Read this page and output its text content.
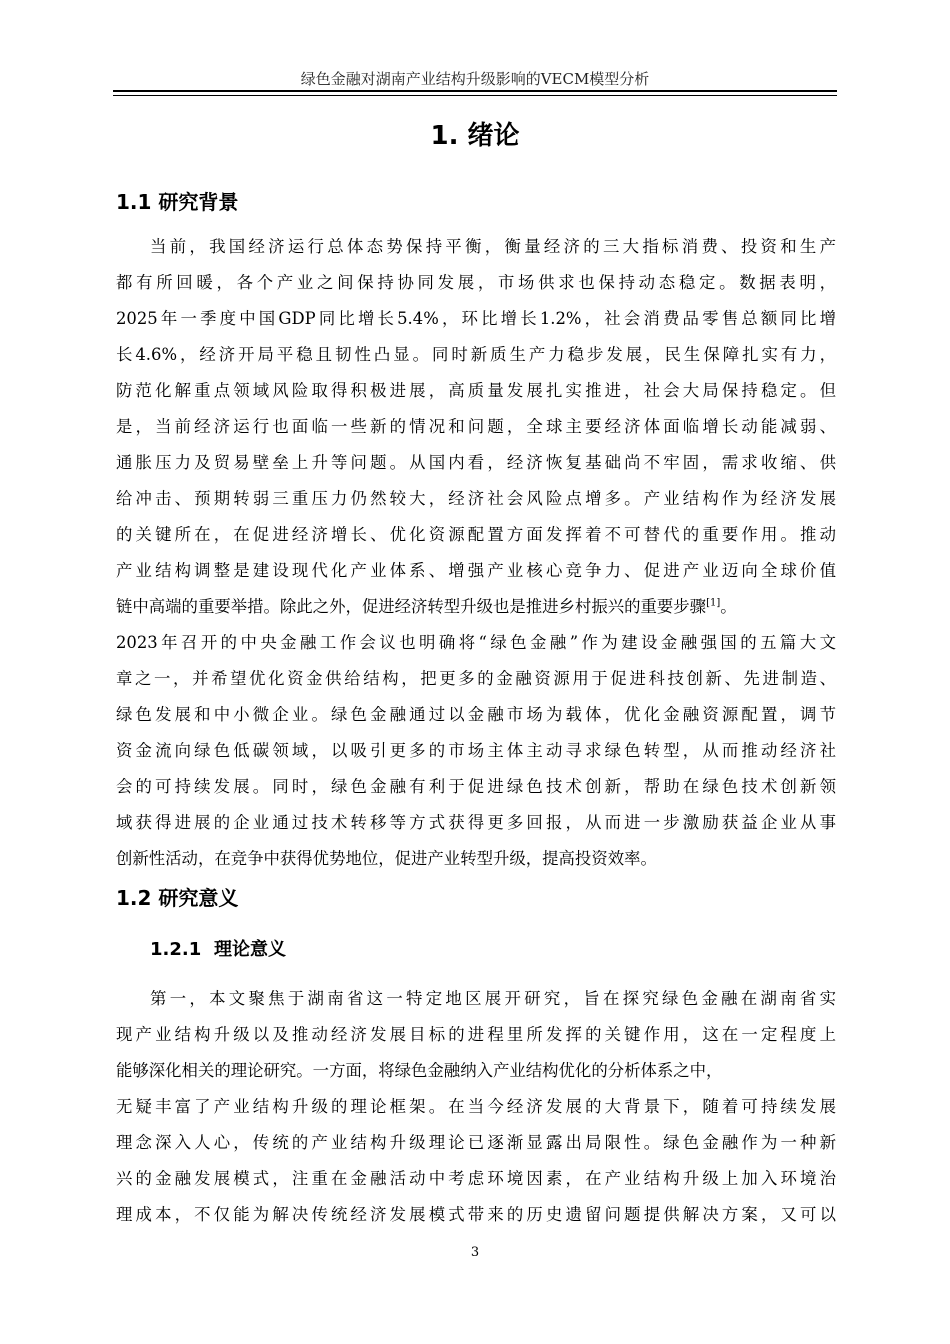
绿色金融对湖南产业结构升级影响的VECM模型分析
1. 绪论
1.1 研究背景
当前，我国经济运行总体态势保持平衡，衡量经济的三大指标消费、投资和生产
都有所回暖，各个产业之间保持协同发展，市场供求也保持动态稳定。数据表明，
2025年一季度中国GDP同比增长5.4%，环比增长1.2%，社会消费品零售总额同比增
长4.6%，经济开局平稳且韧性凸显。同时新质生产力稳步发展，民生保障扎实有力，
防范化解重点领域风险取得积极进展，高质量发展扎实推进，社会大局保持稳定。但
是，当前经济运行也面临一些新的情况和问题，全球主要经济体面临增长动能减弱、
通胀压力及贸易壁垒上升等问题。从国内看，经济恢复基础尚不牢固，需求收缩、供
给冲击、预期转弱三重压力仍然较大，经济社会风险点增多。产业结构作为经济发展
的关键所在，在促进经济增长、优化资源配置方面发挥着不可替代的重要作用。推动
产业结构调整是建设现代化产业体系、增强产业核心竞争力、促进产业迈向全球价值
链中高端的重要举措。除此之外，促进经济转型升级也是推进乡村振兴的重要步骤[1]。
2023年召开的中央金融工作会议也明确将“绿色金融”作为建设金融强国的五篇大文
章之一，并希望优化资金供给结构，把更多的金融资源用于促进科技创新、先进制造、
绿色发展和中小微企业。绿色金融通过以金融市场为载体，优化金融资源配置，调节
资金流向绿色低碳领域，以吸引更多的市场主体主动寻求绿色转型，从而推动经济社
会的可持续发展。同时，绿色金融有利于促进绿色技术创新，帮助在绿色技术创新领
域获得进展的企业通过技术转移等方式获得更多回报，从而进一步激励获益企业从事
创新性活动，在竞争中获得优势地位，促进产业转型升级，提高投资效率。
1.2 研究意义
1.2.1 理论意义
第一，本文聚焦于湖南省这一特定地区展开研究，旨在探究绿色金融在湖南省实
现产业结构升级以及推动经济发展目标的进程里所发挥的关键作用，这在一定程度上
能够深化相关的理论研究。一方面，将绿色金融纳入产业结构优化的分析体系之中，
无疑丰富了产业结构升级的理论框架。在当今经济发展的大背景下，随着可持续发展
理念深入人心，传统的产业结构升级理论已逐渐显露出局限性。绿色金融作为一种新
兴的金融发展模式，注重在金融活动中考虑环境因素，在产业结构升级上加入环境治
理成本，不仅能为解决传统经济发展模式带来的历史遗留问题提供解决方案，又可以
3
